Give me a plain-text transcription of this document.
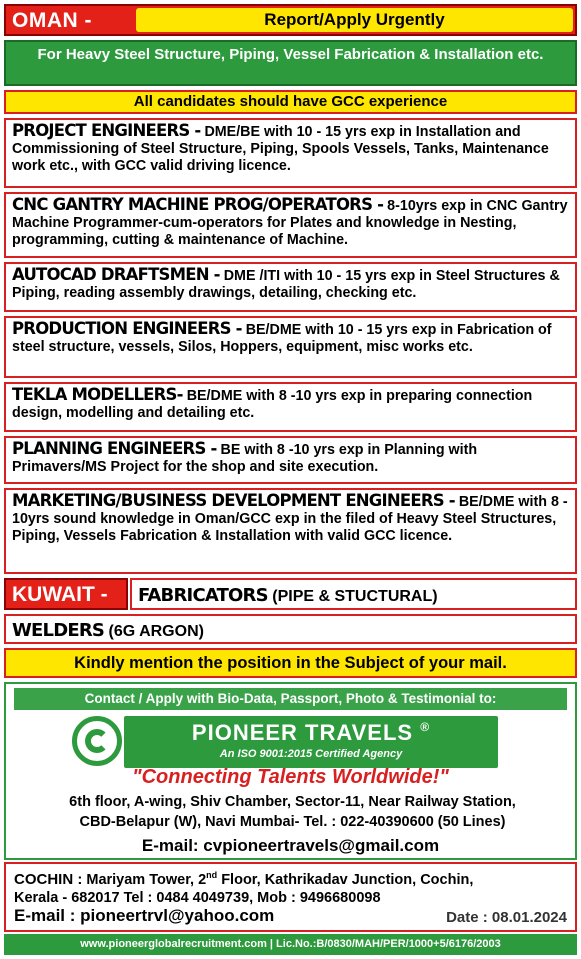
OMAN -	Report/Apply Urgently
For Heavy Steel Structure, Piping, Vessel Fabrication & Installation etc.
All candidates should have GCC experience
PROJECT ENGINEERS - DME/BE with 10 - 15 yrs exp in Installation and Commissioning of Steel Structure, Piping, Spools Vessels, Tanks, Maintenance work etc., with GCC valid driving licence.
CNC GANTRY MACHINE PROG/OPERATORS - 8-10yrs exp in CNC Gantry Machine Programmer-cum-operators for Plates and knowledge in Nesting, programming, cutting & maintenance of Machine.
AUTOCAD DRAFTSMEN - DME /ITI with 10 - 15 yrs exp in Steel Structures & Piping, reading assembly drawings, detailing, checking etc.
PRODUCTION ENGINEERS - BE/DME with 10 - 15 yrs exp in Fabrication of steel structure, vessels, Silos, Hoppers, equipment, misc works etc.
TEKLA MODELLERS- BE/DME with 8 -10 yrs exp in preparing connection design, modelling and detailing etc.
PLANNING ENGINEERS - BE with 8 -10 yrs exp in Planning with Primavers/MS Project for the shop and site execution.
MARKETING/BUSINESS DEVELOPMENT ENGINEERS - BE/DME with 8 - 10yrs sound knowledge in Oman/GCC exp in the filed of Heavy Steel Structures, Piping, Vessels Fabrication & Installation with valid GCC licence.
KUWAIT -	FABRICATORS (PIPE & STUCTURAL)
WELDERS (6G ARGON)
Kindly mention the position in the Subject of your mail.
Contact / Apply with Bio-Data, Passport, Photo & Testimonial to:
PIONEER TRAVELS ®
An ISO 9001:2015 Certified Agency
"Connecting Talents Worldwide!"
6th floor, A-wing, Shiv Chamber, Sector-11, Near Railway Station,
CBD-Belapur (W), Navi Mumbai- Tel. : 022-40390600 (50 Lines)
E-mail: cvpioneertravels@gmail.com
COCHIN : Mariyam Tower, 2nd Floor, Kathrikadav Junction, Cochin,
Kerala - 682017 Tel : 0484 4049739, Mob : 9496680098
E-mail : pioneertrvl@yahoo.com	Date : 08.01.2024
www.pioneerglobalrecruitment.com | Lic.No.:B/0830/MAH/PER/1000+5/6176/2003
